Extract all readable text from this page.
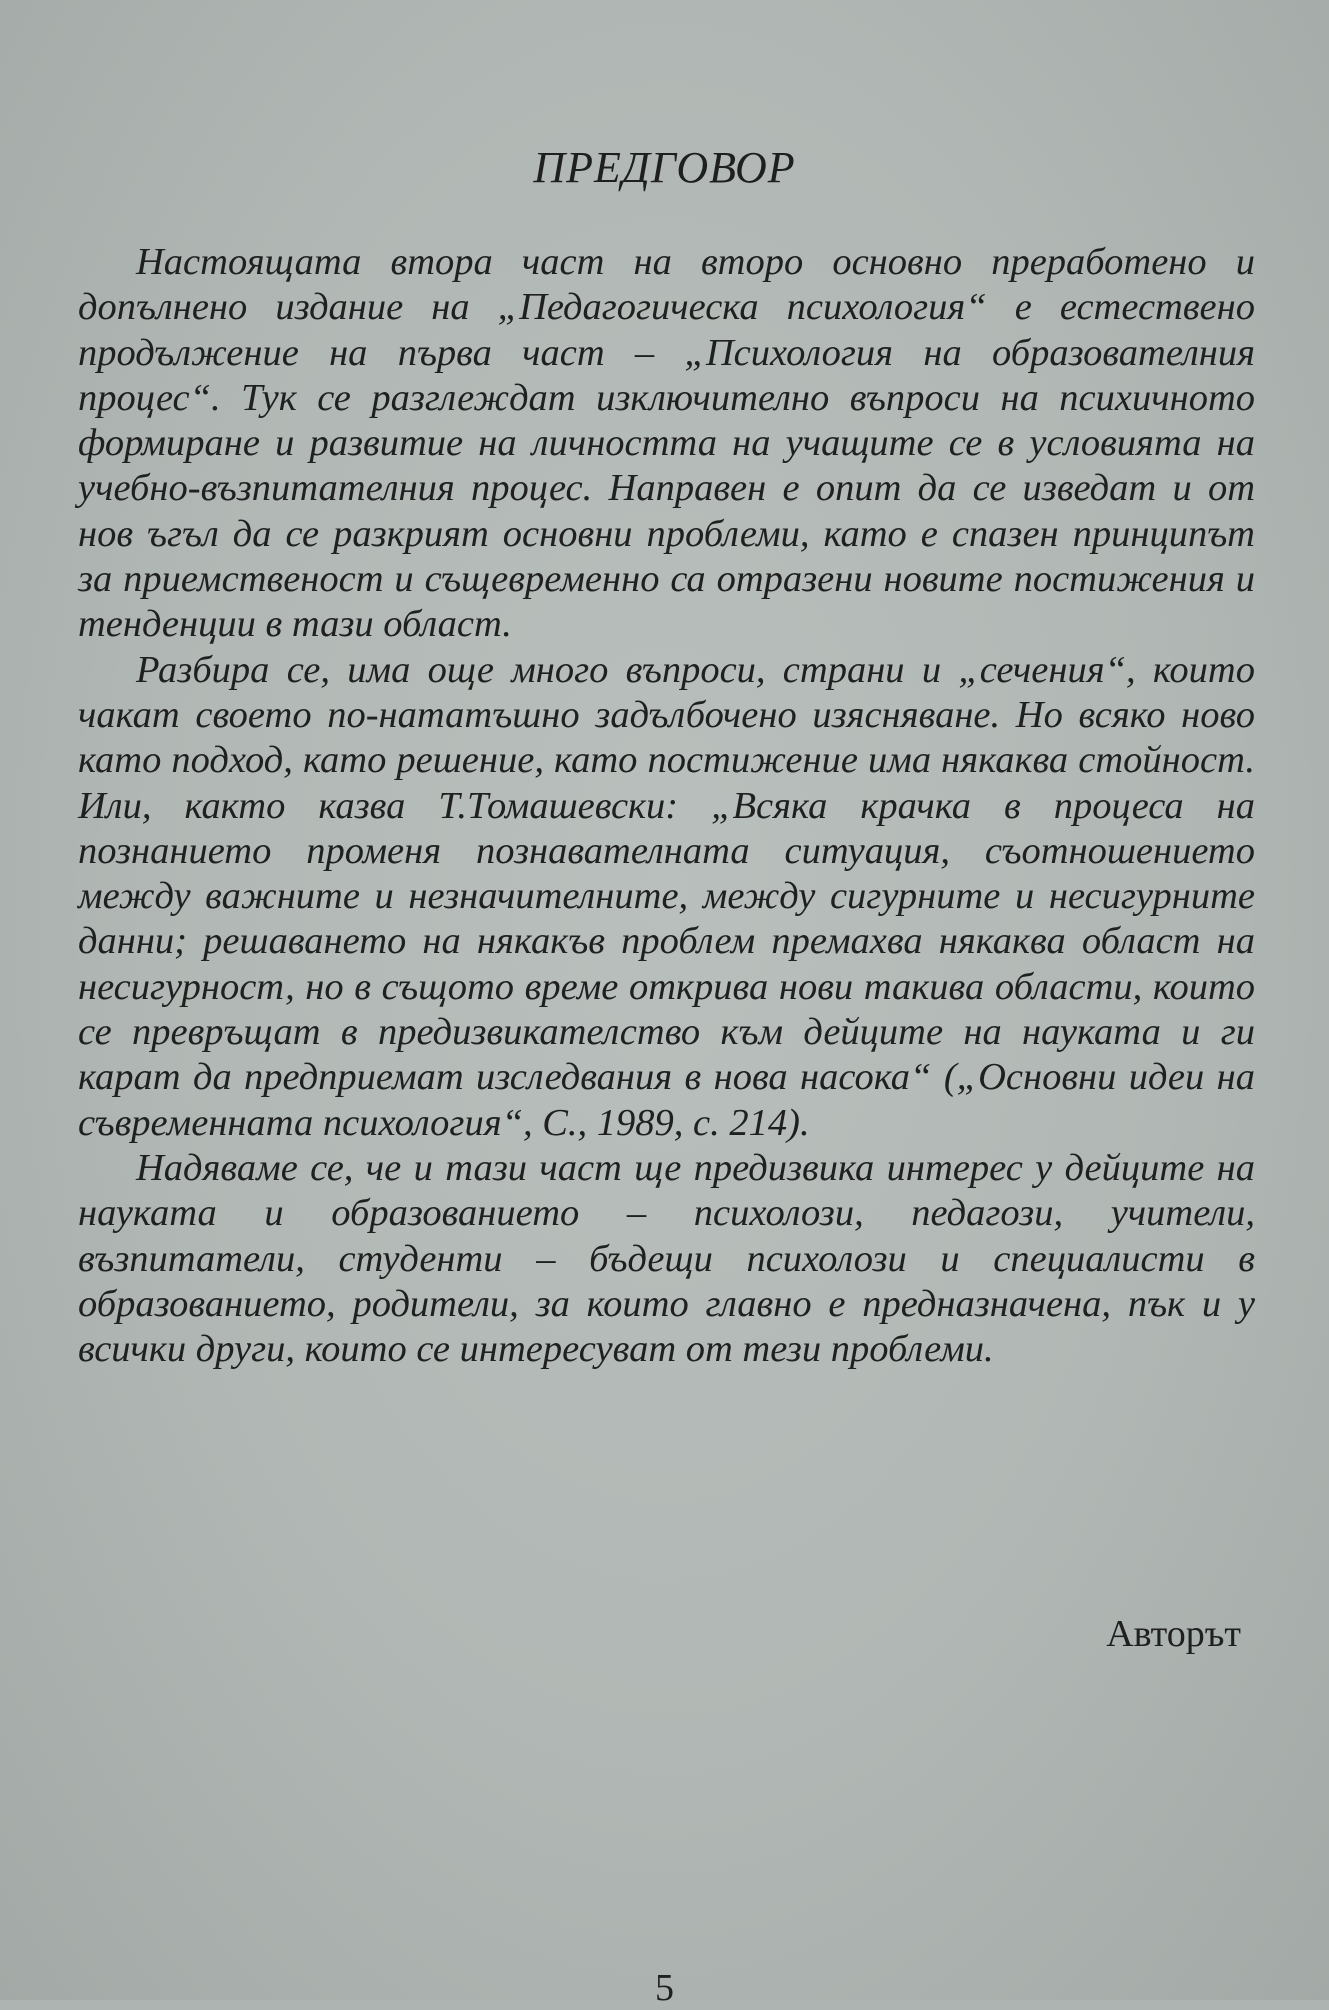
ПРЕДГОВОР

Настоящата втора част на второ основно преработено и допълнено издание на „Педагогическа психология“ е естествено продължение на първа част – „Психология на образователния процес“. Тук се разглеждат изключително въпроси на психичното формиране и развитие на личността на учащите се в условията на учебно-възпитателния процес. Направен е опит да се изведат и от нов ъгъл да се разкрият основни проблеми, като е спазен принципът за приемственост и същевременно са отразени новите постижения и тенденции в тази област.

Разбира се, има още много въпроси, страни и „сечения“, които чакат своето по-нататъшно задълбочено изясняване. Но всяко ново като подход, като решение, като постижение има някаква стойност. Или, както казва Т.Томашевски: „Всяка крачка в процеса на познанието променя познавателната ситуация, съотношението между важните и незначителните, между сигурните и несигурните данни; решаването на някакъв проблем премахва някаква област на несигурност, но в същото време открива нови такива области, които се превръщат в предизвикателство към дейците на науката и ги карат да предприемат изследвания в нова насока“ („Основни идеи на съвременната психология“, С., 1989, с. 214).

Надяваме се, че и тази част ще предизвика интерес у дейците на науката и образованието – психолози, педагози, учители, възпитатели, студенти – бъдещи психолози и специалисти в образованието, родители, за които главно е предназначена, пък и у всички други, които се интересуват от тези проблеми.

Авторът
5
